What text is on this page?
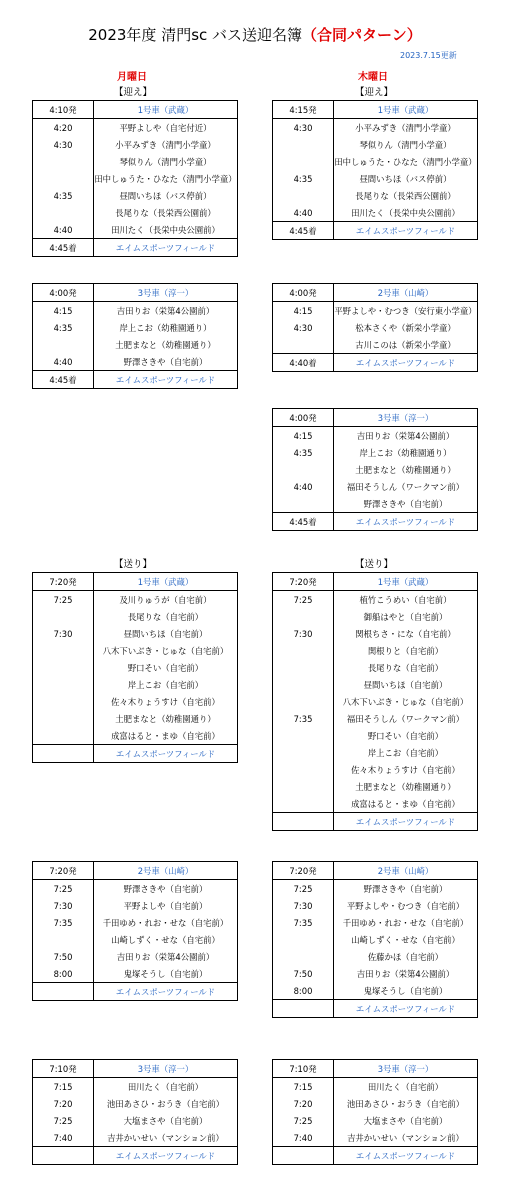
2023年度 清門sc バス送迎名簿（合同パターン）
2023.7.15更新
月曜日	木曜日
【迎え】	【迎え】
【送り】	【送り】
4:10発	1号車（武蔵）
4:20	平野よしや（自宅付近）
4:30	小平みずき（清門小学童）
	琴似りん（清門小学童）
	田中しゅうた・ひなた（清門小学童）
4:35	昼間いちほ（バス停前）
	長尾りな（長栄西公園前）
4:40	田川たく（長栄中央公園前）
4:45着	エイムスポーツフィールド
4:00発	3号車（淳一）
4:15	吉田りお（栄第4公園前）
4:35	岸上こお（幼稚園通り）
	土肥まなと（幼稚園通り）
4:40	野澤さきや（自宅前）
4:45着	エイムスポーツフィールド
4:15発	1号車（武蔵）
4:30	小平みずき（清門小学童）
	琴似りん（清門小学童）
	田中しゅうた・ひなた（清門小学童）
4:35	昼間いちほ（バス停前）
	長尾りな（長栄西公園前）
4:40	田川たく（長栄中央公園前）
4:45着	エイムスポーツフィールド
4:00発	2号車（山崎）
4:15	平野よしや・むつき（安行東小学童）
4:30	松本さくや（新栄小学童）
	古川このは（新栄小学童）
4:40着	エイムスポーツフィールド
4:00発	3号車（淳一）
4:15	吉田りお（栄第4公園前）
4:35	岸上こお（幼稚園通り）
	土肥まなと（幼稚園通り）
4:40	福田そうしん（ワークマン前）
	野澤さきや（自宅前）
4:45着	エイムスポーツフィールド
7:20発	1号車（武蔵）
7:25	及川りゅうが（自宅前）
	長尾りな（自宅前）
7:30	昼間いちほ（自宅前）
	八木下いぶき・じゅな（自宅前）
	野口そい（自宅前）
	岸上こお（自宅前）
	佐々木りょうすけ（自宅前）
	土肥まなと（幼稚園通り）
	成富はると・まゆ（自宅前）
	エイムスポーツフィールド
7:20発	1号車（武蔵）
7:25	植竹こうめい（自宅前）
	御船はやと（自宅前）
7:30	関根ちさ・にな（自宅前）
	関根りと（自宅前）
	長尾りな（自宅前）
	昼間いちほ（自宅前）
	八木下いぶき・じゅな（自宅前）
7:35	福田そうしん（ワークマン前）
	野口そい（自宅前）
	岸上こお（自宅前）
	佐々木りょうすけ（自宅前）
	土肥まなと（幼稚園通り）
	成富はると・まゆ（自宅前）
	エイムスポーツフィールド
7:20発	2号車（山崎）
7:25	野澤さきや（自宅前）
7:30	平野よしや（自宅前）
7:35	千田ゆめ・れお・せな（自宅前）
	山崎しずく・せな（自宅前）
7:50	吉田りお（栄第4公園前）
8:00	鬼塚そうし（自宅前）
	エイムスポーツフィールド
7:20発	2号車（山崎）
7:25	野澤さきや（自宅前）
7:30	平野よしや・むつき（自宅前）
7:35	千田ゆめ・れお・せな（自宅前）
	山崎しずく・せな（自宅前）
	佐藤かほ（自宅前）
7:50	吉田りお（栄第4公園前）
8:00	鬼塚そうし（自宅前）
	エイムスポーツフィールド
7:10発	3号車（淳一）
7:15	田川たく（自宅前）
7:20	池田あさひ・おうき（自宅前）
7:25	大塩まさや（自宅前）
7:40	吉井かいせい（マンション前）
	エイムスポーツフィールド
7:10発	3号車（淳一）
7:15	田川たく（自宅前）
7:20	池田あさひ・おうき（自宅前）
7:25	大塩まさや（自宅前）
7:40	吉井かいせい（マンション前）
	エイムスポーツフィールド
